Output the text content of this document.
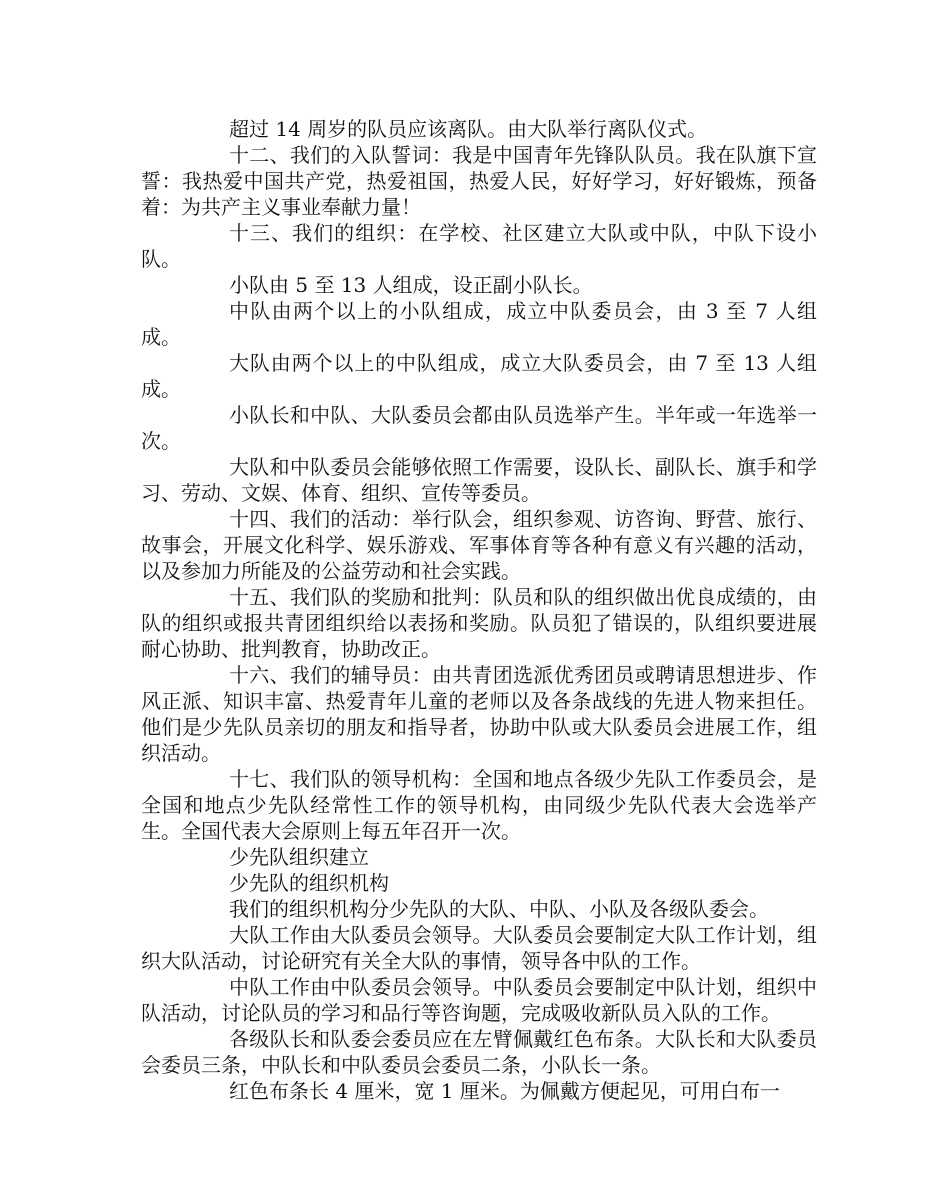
超过 14 周岁的队员应该离队。由大队举行离队仪式。

十二、我们的入队誓词：我是中国青年先锋队队员。我在队旗下宣誓：我热爱中国共产党，热爱祖国，热爱人民，好好学习，好好锻炼，预备着：为共产主义事业奉献力量！

十三、我们的组织：在学校、社区建立大队或中队，中队下设小队。

小队由 5 至 13 人组成，设正副小队长。

中队由两个以上的小队组成，成立中队委员会，由 3 至 7 人组成。

大队由两个以上的中队组成，成立大队委员会，由 7 至 13 人组成。

小队长和中队、大队委员会都由队员选举产生。半年或一年选举一次。

大队和中队委员会能够依照工作需要，设队长、副队长、旗手和学习、劳动、文娱、体育、组织、宣传等委员。

十四、我们的活动：举行队会，组织参观、访咨询、野营、旅行、故事会，开展文化科学、娱乐游戏、军事体育等各种有意义有兴趣的活动，以及参加力所能及的公益劳动和社会实践。

十五、我们队的奖励和批判：队员和队的组织做出优良成绩的，由队的组织或报共青团组织给以表扬和奖励。队员犯了错误的，队组织要进展耐心协助、批判教育，协助改正。

十六、我们的辅导员：由共青团选派优秀团员或聘请思想进步、作风正派、知识丰富、热爱青年儿童的老师以及各条战线的先进人物来担任。他们是少先队员亲切的朋友和指导者，协助中队或大队委员会进展工作，组织活动。

十七、我们队的领导机构：全国和地点各级少先队工作委员会，是全国和地点少先队经常性工作的领导机构，由同级少先队代表大会选举产生。全国代表大会原则上每五年召开一次。

少先队组织建立

少先队的组织机构

我们的组织机构分少先队的大队、中队、小队及各级队委会。

大队工作由大队委员会领导。大队委员会要制定大队工作计划，组织大队活动，讨论研究有关全大队的事情，领导各中队的工作。

中队工作由中队委员会领导。中队委员会要制定中队计划，组织中队活动，讨论队员的学习和品行等咨询题，完成吸收新队员入队的工作。

各级队长和队委会委员应在左臂佩戴红色布条。大队长和大队委员会委员三条，中队长和中队委员会委员二条，小队长一条。

红色布条长 4 厘米，宽 1 厘米。为佩戴方便起见，可用白布一
